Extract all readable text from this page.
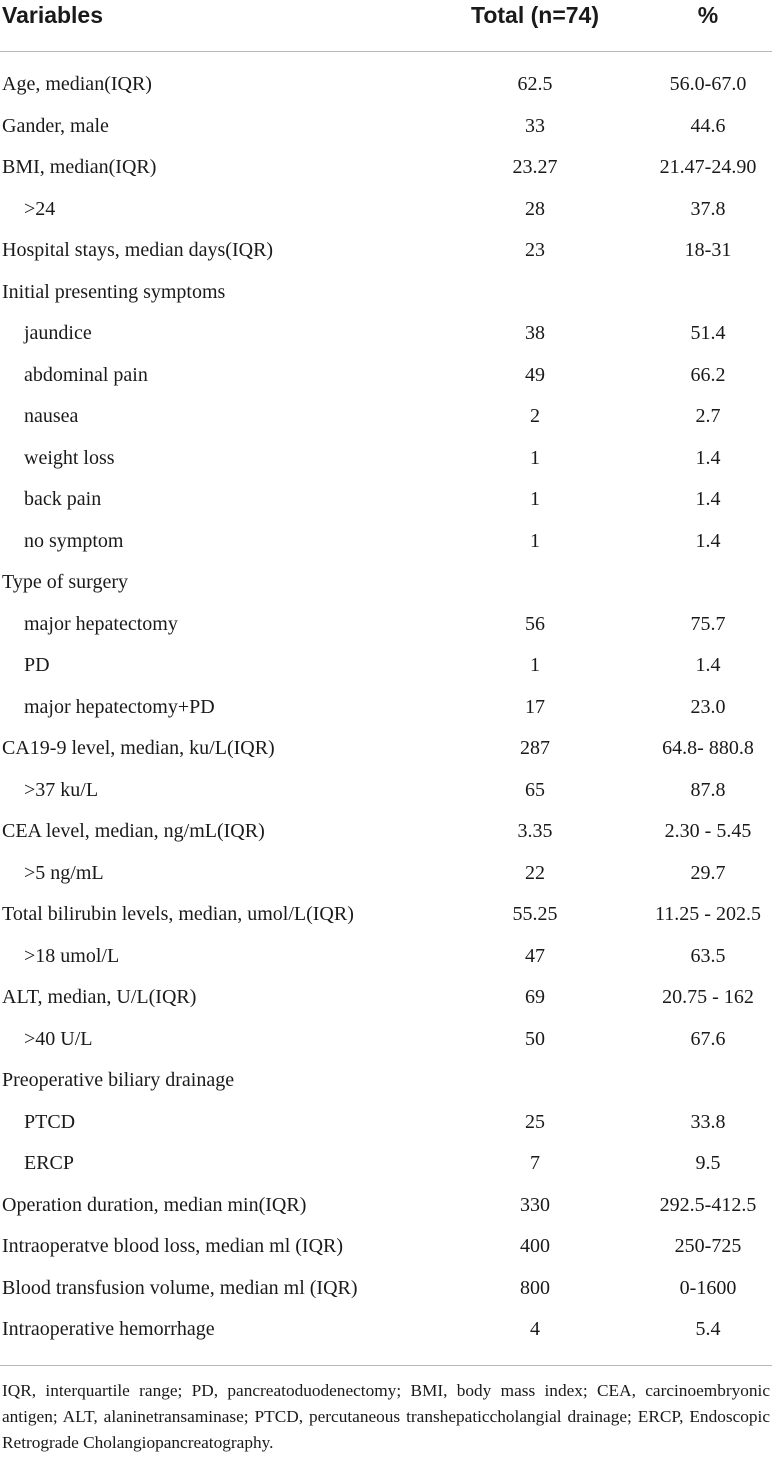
Variables	Total (n=74)	%
Age, median(IQR)	62.5	56.0-67.0
Gander, male	33	44.6
BMI, median(IQR)	23.27	21.47-24.90
>24	28	37.8
Hospital stays, median days(IQR)	23	18-31
Initial presenting symptoms
jaundice	38	51.4
abdominal pain	49	66.2
nausea	2	2.7
weight loss	1	1.4
back pain	1	1.4
no symptom	1	1.4
Type of surgery
major hepatectomy	56	75.7
PD	1	1.4
major hepatectomy+PD	17	23.0
CA19-9 level, median, ku/L(IQR)	287	64.8- 880.8
>37 ku/L	65	87.8
CEA level, median, ng/mL(IQR)	3.35	2.30 - 5.45
>5 ng/mL	22	29.7
Total bilirubin levels, median, umol/L(IQR)	55.25	11.25 - 202.5
>18 umol/L	47	63.5
ALT, median, U/L(IQR)	69	20.75 - 162
>40 U/L	50	67.6
Preoperative biliary drainage
PTCD	25	33.8
ERCP	7	9.5
Operation duration, median min(IQR)	330	292.5-412.5
Intraoperatve blood loss, median ml (IQR)	400	250-725
Blood transfusion volume, median ml (IQR)	800	0-1600
Intraoperative hemorrhage	4	5.4
IQR, interquartile range; PD, pancreatoduodenectomy; BMI, body mass index; CEA, carcinoembryonic antigen; ALT, alaninetransaminase; PTCD, percutaneous transhepaticcholangial drainage; ERCP, Endoscopic Retrograde Cholangiopancreatography.
